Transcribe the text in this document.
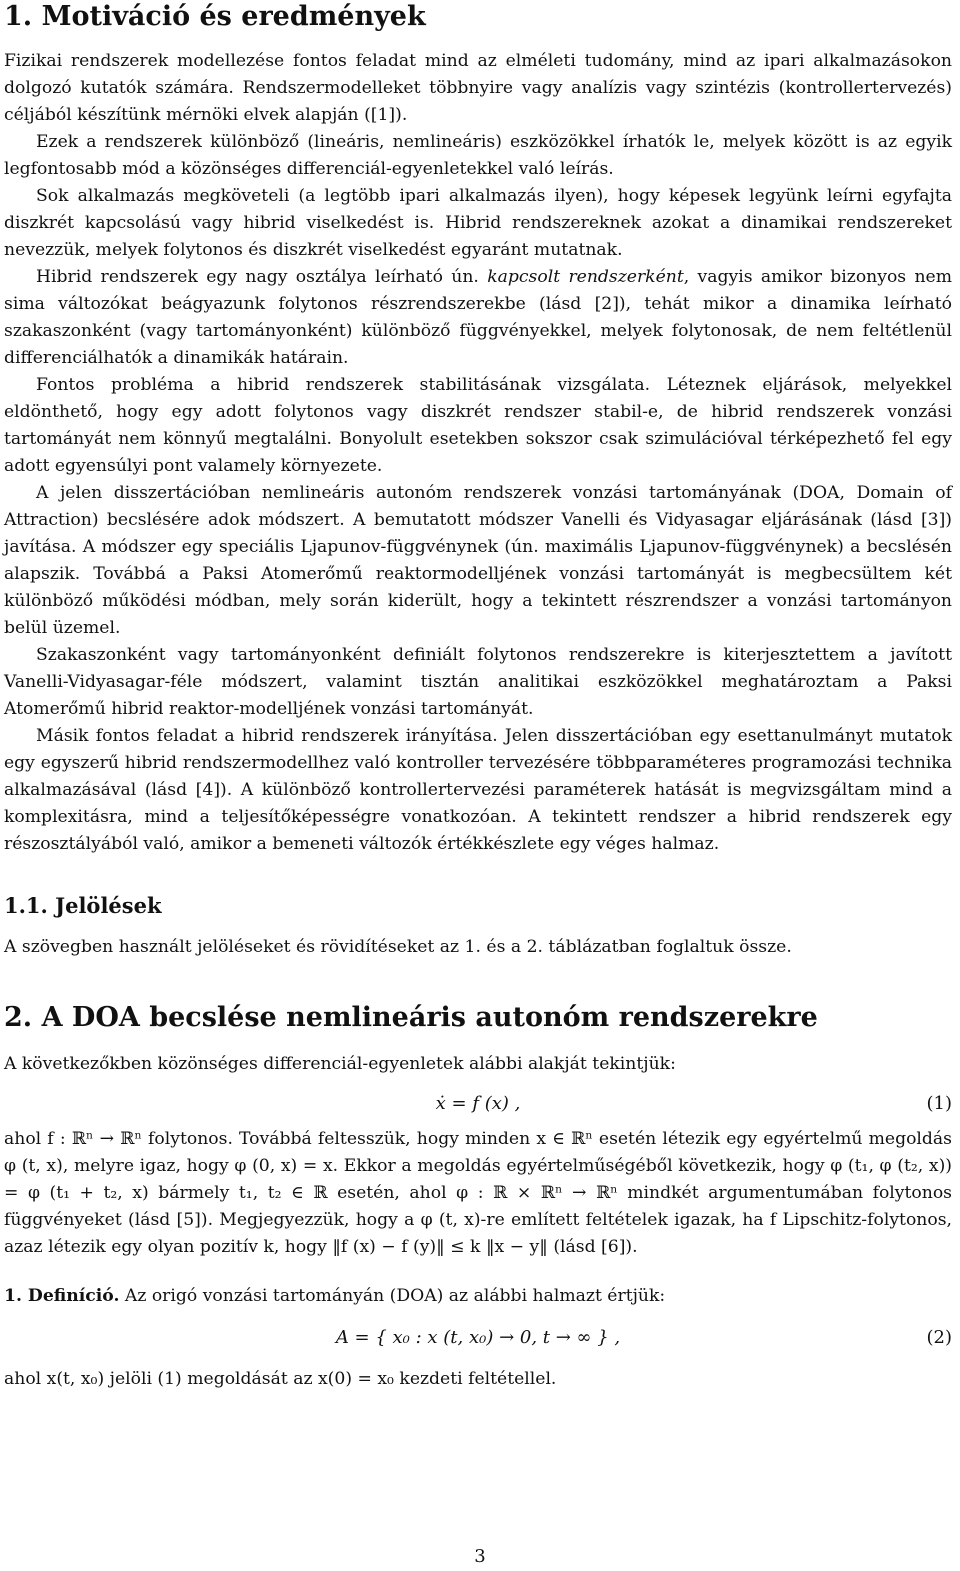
1. Motiváció és eredmények

Fizikai rendszerek modellezése fontos feladat mind az elméleti tudomány, mind az ipari alkalmazásokon dolgozó kutatók számára. Rendszermodelleket többnyire vagy analízis vagy szintézis (kontrollertervezés) céljából készítünk mérnöki elvek alapján ([1]).

Ezek a rendszerek különböző (lineáris, nemlineáris) eszközökkel írhatók le, melyek között is az egyik legfontosabb mód a közönséges differenciál-egyenletekkel való leírás.

Sok alkalmazás megköveteli (a legtöbb ipari alkalmazás ilyen), hogy képesek legyünk leírni egyfajta diszkrét kapcsolású vagy hibrid viselkedést is. Hibrid rendszereknek azokat a dinamikai rendszereket nevezzük, melyek folytonos és diszkrét viselkedést egyaránt mutatnak.

Hibrid rendszerek egy nagy osztálya leírható ún. kapcsolt rendszerként, vagyis amikor bizonyos nem sima változókat beágyazunk folytonos részrendszerekbe (lásd [2]), tehát mikor a dinamika leírható szakaszonként (vagy tartományonként) különböző függvényekkel, melyek folytonosak, de nem feltétlenül differenciálhatók a dinamikák határain.

Fontos probléma a hibrid rendszerek stabilitásának vizsgálata. Léteznek eljárások, melyekkel eldönthető, hogy egy adott folytonos vagy diszkrét rendszer stabil-e, de hibrid rendszerek vonzási tartományát nem könnyű megtalálni. Bonyolult esetekben sokszor csak szimulációval térképezhető fel egy adott egyensúlyi pont valamely környezete.

A jelen disszertációban nemlineáris autonóm rendszerek vonzási tartományának (DOA, Domain of Attraction) becslésére adok módszert. A bemutatott módszer Vanelli és Vidyasagar eljárásának (lásd [3]) javítása. A módszer egy speciális Ljapunov-függvénynek (ún. maximális Ljapunov-függvénynek) a becslésén alapszik. Továbbá a Paksi Atomerőmű reaktormodelljének vonzási tartományát is megbecsültem két különböző működési módban, mely során kiderült, hogy a tekintett részrendszer a vonzási tartományon belül üzemel.

Szakaszonként vagy tartományonként definiált folytonos rendszerekre is kiterjesztettem a javított Vanelli-Vidyasagar-féle módszert, valamint tisztán analitikai eszközökkel meghatároztam a Paksi Atomerőmű hibrid reaktor-modelljének vonzási tartományát.

Másik fontos feladat a hibrid rendszerek irányítása. Jelen disszertációban egy esettanulmányt mutatok egy egyszerű hibrid rendszermodellhez való kontroller tervezésére többparaméteres programozási technika alkalmazásával (lásd [4]). A különböző kontrollertervezési paraméterek hatását is megvizsgáltam mind a komplexitásra, mind a teljesítőképességre vonatkozóan. A tekintett rendszer a hibrid rendszerek egy részosztályából való, amikor a bemeneti változók értékkészlete egy véges halmaz.

1.1. Jelölések

A szövegben használt jelöléseket és rövidítéseket az 1. és a 2. táblázatban foglaltuk össze.

2. A DOA becslése nemlineáris autonóm rendszerekre

A következőkben közönséges differenciál-egyenletek alábbi alakját tekintjük:

ẋ = f (x) ,	(1)

ahol f : ℝⁿ → ℝⁿ folytonos. Továbbá feltesszük, hogy minden x ∈ ℝⁿ esetén létezik egy egyértelmű megoldás φ (t, x), melyre igaz, hogy φ (0, x) = x. Ekkor a megoldás egyértelműségéből következik, hogy φ (t₁, φ (t₂, x)) = φ (t₁ + t₂, x) bármely t₁, t₂ ∈ ℝ esetén, ahol φ : ℝ × ℝⁿ → ℝⁿ mindkét argumentumában folytonos függvényeket (lásd [5]). Megjegyezzük, hogy a φ (t, x)-re említett feltételek igazak, ha f Lipschitz-folytonos, azaz létezik egy olyan pozitív k, hogy ‖f (x) − f (y)‖ ≤ k ‖x − y‖ (lásd [6]).

1. Definíció. Az origó vonzási tartományán (DOA) az alábbi halmazt értjük:

A = { x₀ : x (t, x₀) → 0, t → ∞ } ,	(2)

ahol x(t, x₀) jelöli (1) megoldását az x(0) = x₀ kezdeti feltétellel.

3
